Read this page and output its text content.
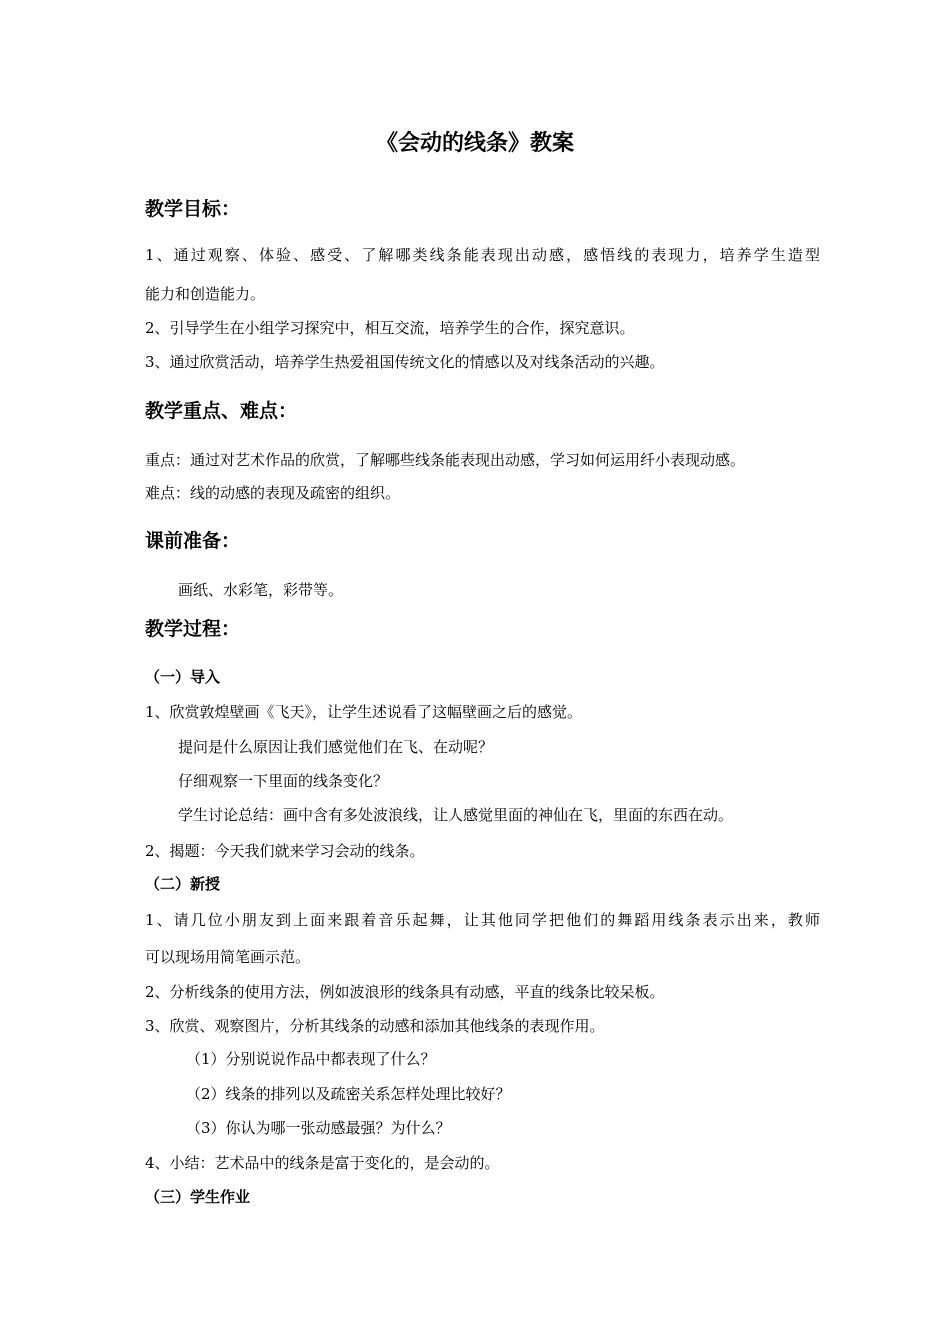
《会动的线条》教案
教学目标：
1、通过观察、体验、感受、了解哪类线条能表现出动感，感悟线的表现力，培养学生造型
能力和创造能力。
2、引导学生在小组学习探究中，相互交流，培养学生的合作，探究意识。
3、通过欣赏活动，培养学生热爱祖国传统文化的情感以及对线条活动的兴趣。
教学重点、难点：
重点：通过对艺术作品的欣赏，了解哪些线条能表现出动感，学习如何运用纤小表现动感。
难点：线的动感的表现及疏密的组织。
课前准备：
画纸、水彩笔，彩带等。
教学过程：
（一）导入
1、欣赏敦煌壁画《飞天》，让学生述说看了这幅壁画之后的感觉。
提问是什么原因让我们感觉他们在飞、在动呢？
仔细观察一下里面的线条变化？
学生讨论总结：画中含有多处波浪线，让人感觉里面的神仙在飞，里面的东西在动。
2、揭题：今天我们就来学习会动的线条。
（二）新授
1、请几位小朋友到上面来跟着音乐起舞，让其他同学把他们的舞蹈用线条表示出来，教师
可以现场用简笔画示范。
2、分析线条的使用方法，例如波浪形的线条具有动感，平直的线条比较呆板。
3、欣赏、观察图片，分析其线条的动感和添加其他线条的表现作用。
（1）分别说说作品中都表现了什么？
（2）线条的排列以及疏密关系怎样处理比较好？
（3）你认为哪一张动感最强？为什么？
4、小结：艺术品中的线条是富于变化的，是会动的。
（三）学生作业
